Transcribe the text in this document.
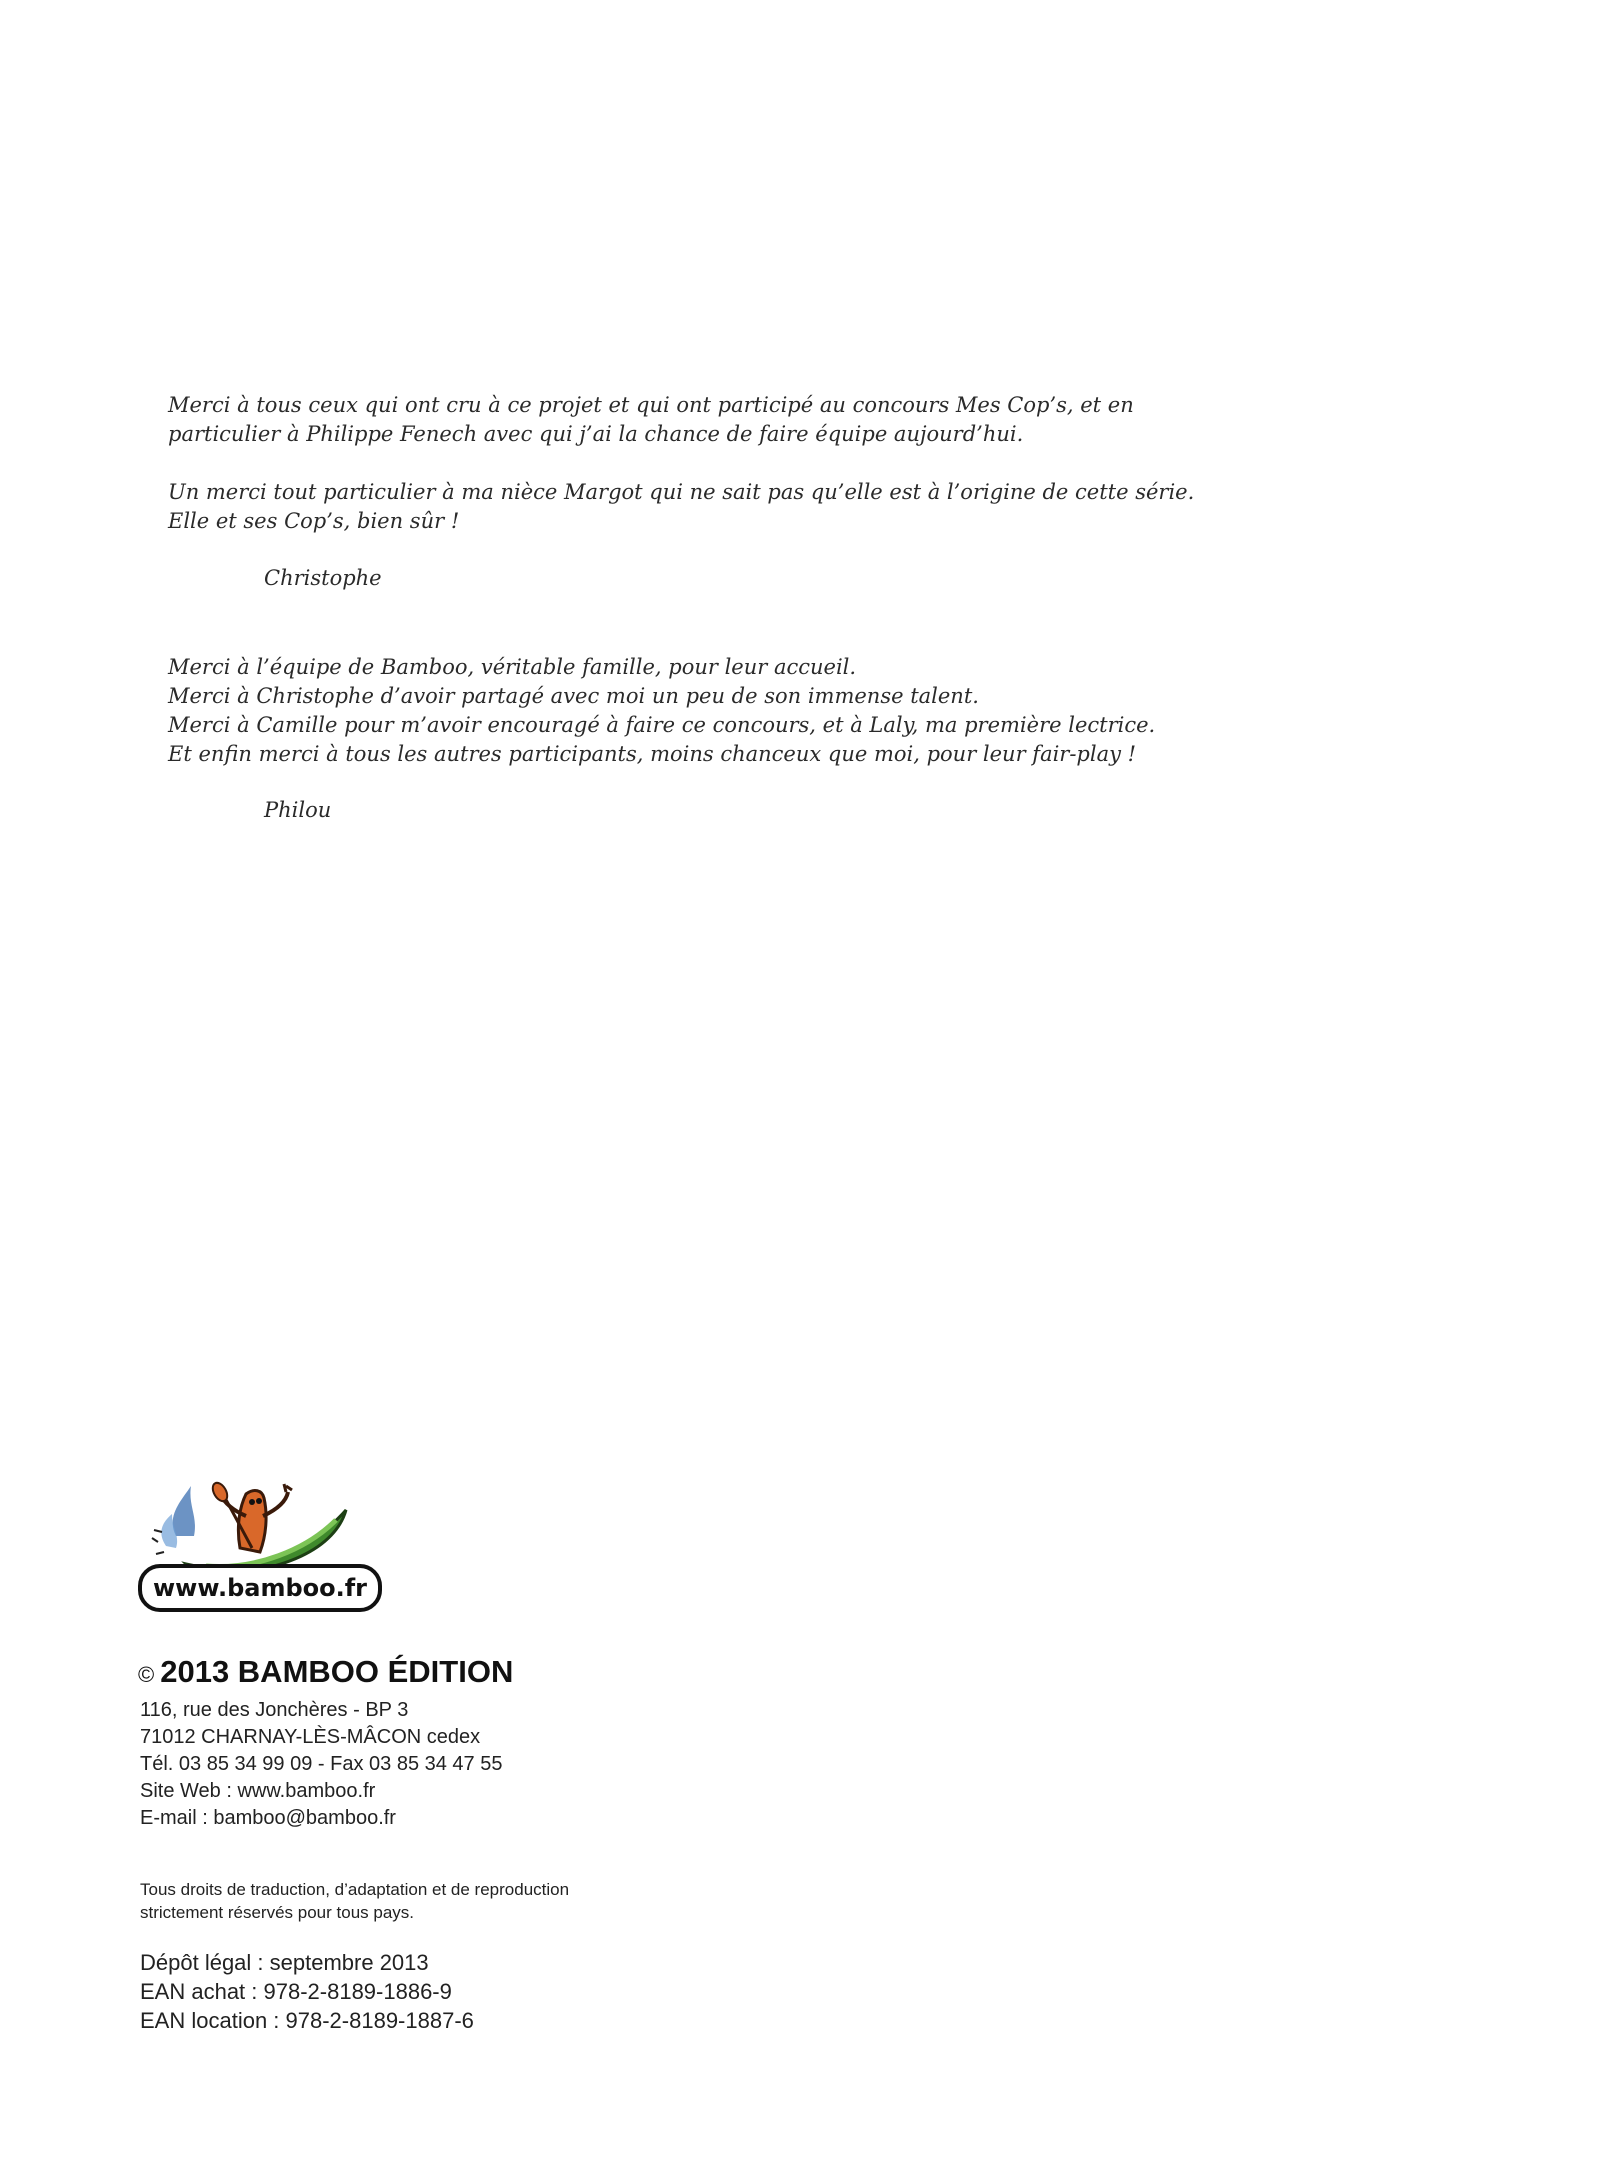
Merci à tous ceux qui ont cru à ce projet et qui ont participé au concours Mes Cop’s, et en

particulier à Philippe Fenech avec qui j’ai la chance de faire équipe aujourd’hui.

Un merci tout particulier à ma nièce Margot qui ne sait pas qu’elle est à l’origine de cette série.

Elle et ses Cop’s, bien sûr !

Christophe

Merci à l’équipe de Bamboo, véritable famille, pour leur accueil.

Merci à Christophe d’avoir partagé avec moi un peu de son immense talent.

Merci à Camille pour m’avoir encouragé à faire ce concours, et à Laly, ma première lectrice.

Et enfin merci à tous les autres participants, moins chanceux que moi, pour leur fair-play !

Philou
www.bamboo.fr
© 2013 BAMBOO ÉDITION
116, rue des Jonchères - BP 3
71012 CHARNAY-LÈS-MÂCON cedex
Tél. 03 85 34 99 09 - Fax 03 85 34 47 55
Site Web : www.bamboo.fr
E-mail : bamboo@bamboo.fr
Tous droits de traduction, d’adaptation et de reproduction
strictement réservés pour tous pays.
Dépôt légal : septembre 2013
EAN achat : 978-2-8189-1886-9
EAN location : 978-2-8189-1887-6
